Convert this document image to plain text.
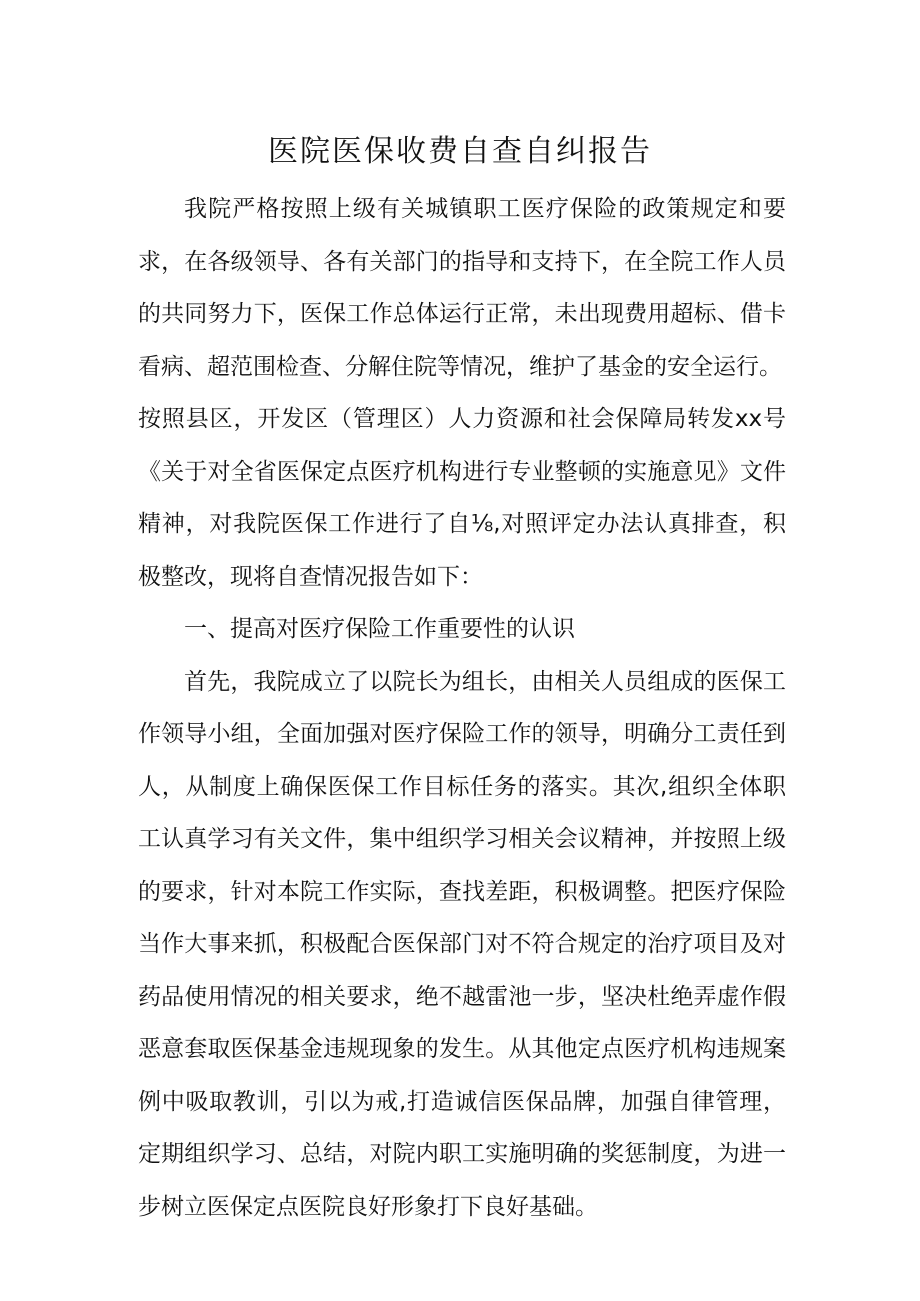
医院医保收费自查自纠报告

我院严格按照上级有关城镇职工医疗保险的政策规定和要求，在各级领导、各有关部门的指导和支持下，在全院工作人员的共同努力下，医保工作总体运行正常，未出现费用超标、借卡看病、超范围检查、分解住院等情况，维护了基金的安全运行。

按照县区，开发区（管理区）人力资源和社会保障局转发xx号《关于对全省医保定点医疗机构进行专业整顿的实施意见》文件精神，对我院医保工作进行了自⅛,对照评定办法认真排查，积极整改，现将自查情况报告如下：

一、提高对医疗保险工作重要性的认识

首先，我院成立了以院长为组长，由相关人员组成的医保工作领导小组，全面加强对医疗保险工作的领导，明确分工责任到人，从制度上确保医保工作目标任务的落实。其次,组织全体职工认真学习有关文件，集中组织学习相关会议精神，并按照上级的要求，针对本院工作实际，查找差距，积极调整。把医疗保险当作大事来抓，积极配合医保部门对不符合规定的治疗项目及对药品使用情况的相关要求，绝不越雷池一步，坚决杜绝弄虚作假恶意套取医保基金违规现象的发生。从其他定点医疗机构违规案例中吸取教训，引以为戒,打造诚信医保品牌，加强自律管理，定期组织学习、总结，对院内职工实施明确的奖惩制度，为进一步树立医保定点医院良好形象打下良好基础。
